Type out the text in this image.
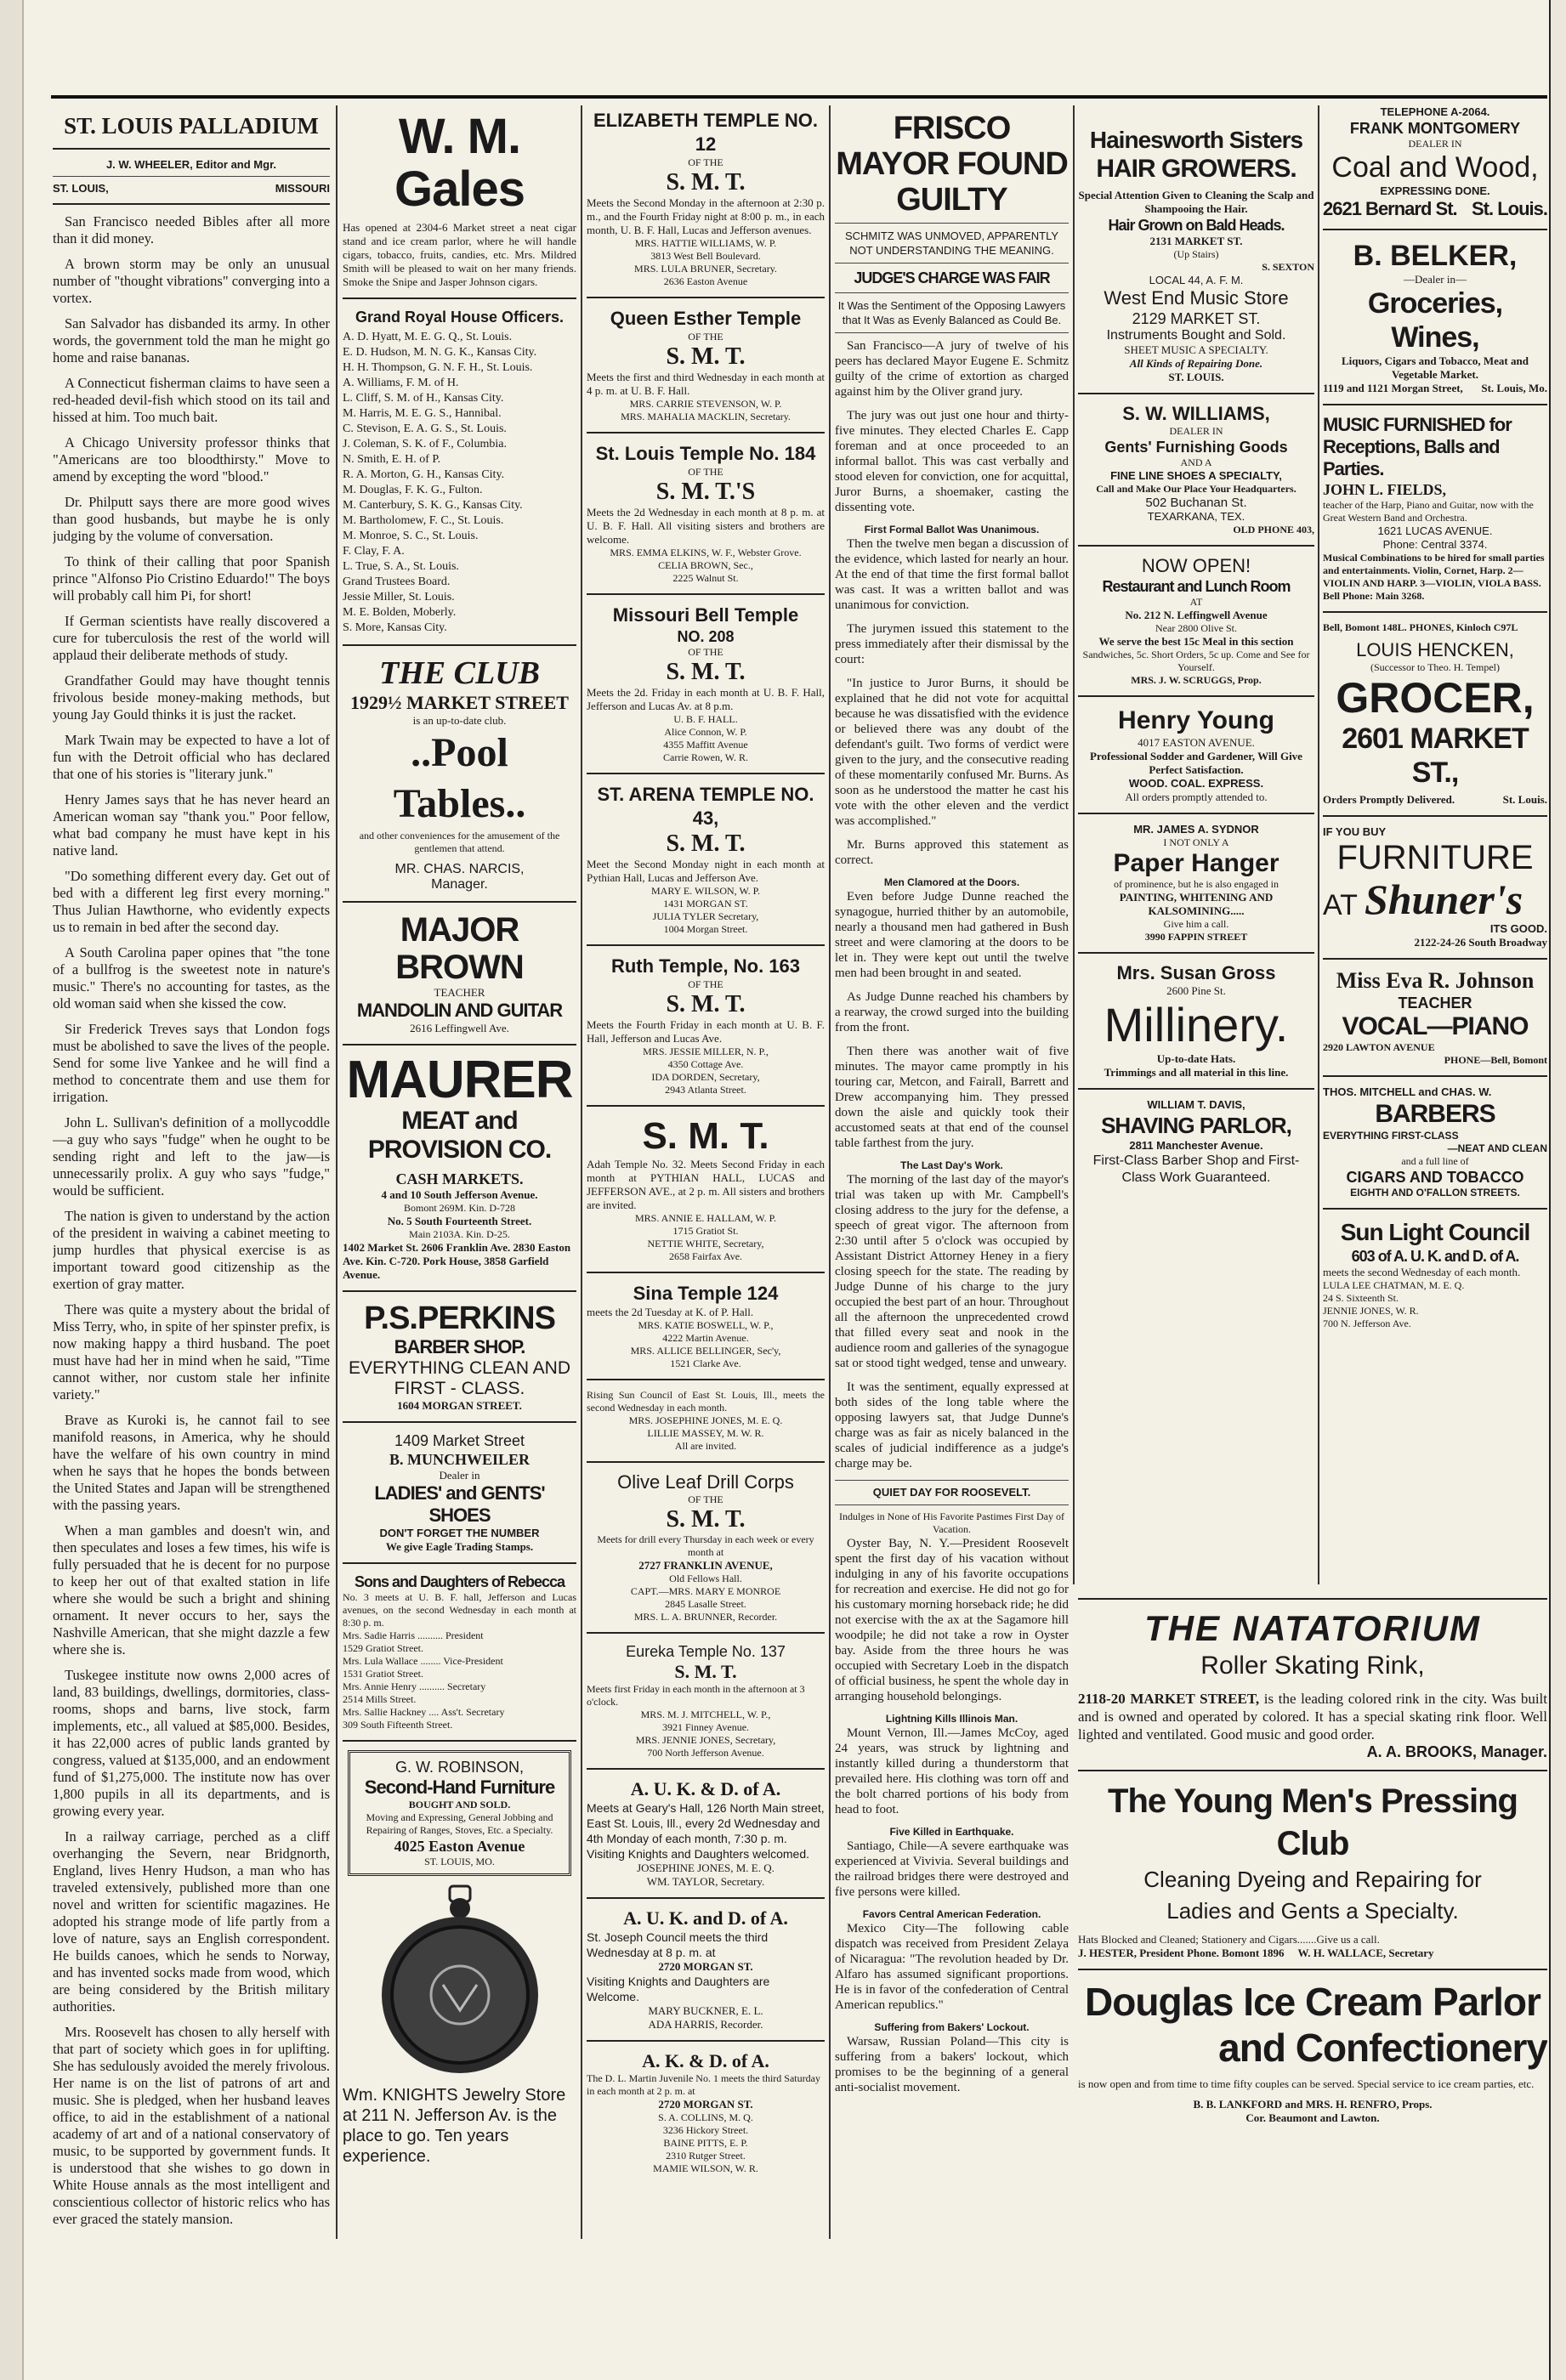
ST. LOUIS PALLADIUM
J. W. WHEELER, Editor and Mgr.
ST. LOUIS,	MISSOURI

San Francisco needed Bibles after all more than it did money.

A brown storm may be only an unusual number of "thought vibrations" converging into a vortex.

San Salvador has disbanded its army. In other words, the government told the man he might go home and raise bananas.

A Connecticut fisherman claims to have seen a red-headed devil-fish which stood on its tail and hissed at him. Too much bait.

A Chicago University professor thinks that "Americans are too bloodthirsty." Move to amend by excepting the word "blood."

Dr. Philputt says there are more good wives than good husbands, but maybe he is only judging by the volume of conversation.

To think of their calling that poor Spanish prince "Alfonso Pio Cristino Eduardo!" The boys will probably call him Pi, for short!

If German scientists have really discovered a cure for tuberculosis the rest of the world will applaud their deliberate methods of study.

Grandfather Gould may have thought tennis frivolous beside money-making methods, but young Jay Gould thinks it is just the racket.

Mark Twain may be expected to have a lot of fun with the Detroit official who has declared that one of his stories is "literary junk."

Henry James says that he has never heard an American woman say "thank you." Poor fellow, what bad company he must have kept in his native land.

"Do something different every day. Get out of bed with a different leg first every morning." Thus Julian Hawthorne, who evidently expects us to remain in bed after the second day.

A South Carolina paper opines that "the tone of a bullfrog is the sweetest note in nature's music." There's no accounting for tastes, as the old woman said when she kissed the cow.

Sir Frederick Treves says that London fogs must be abolished to save the lives of the people. Send for some live Yankee and he will find a method to concentrate them and use them for irrigation.

John L. Sullivan's definition of a mollycoddle—a guy who says "fudge" when he ought to be sending right and left to the jaw—is unnecessarily prolix. A guy who says "fudge," would be sufficient.

The nation is given to understand by the action of the president in waiving a cabinet meeting to jump hurdles that physical exercise is as important toward good citizenship as the exertion of gray matter.

There was quite a mystery about the bridal of Miss Terry, who, in spite of her spinster prefix, is now making happy a third husband. The poet must have had her in mind when he said, "Time cannot wither, nor custom stale her infinite variety."

Brave as Kuroki is, he cannot fail to see manifold reasons, in America, why he should have the welfare of his own country in mind when he says that he hopes the bonds between the United States and Japan will be strengthened with the passing years.

When a man gambles and doesn't win, and then speculates and loses a few times, his wife is fully persuaded that he is decent for no purpose to keep her out of that exalted station in life where she would be such a bright and shining ornament. It never occurs to her, says the Nashville American, that she might dazzle a few where she is.

Tuskegee institute now owns 2,000 acres of land, 83 buildings, dwellings, dormitories, class-rooms, shops and barns, live stock, farm implements, etc., all valued at $85,000. Besides, it has 22,000 acres of public lands granted by congress, valued at $135,000, and an endowment fund of $1,275,000. The institute now has over 1,800 pupils in all its departments, and is growing every year.

In a railway carriage, perched as a cliff overhanging the Severn, near Bridgnorth, England, lives Henry Hudson, a man who has traveled extensively, published more than one novel and written for scientific magazines. He adopted his strange mode of life partly from a love of nature, says an English correspondent. He builds canoes, which he sends to Norway, and has invented socks made from wood, which are being considered by the British military authorities.

Mrs. Roosevelt has chosen to ally herself with that part of society which goes in for uplifting. She has sedulously avoided the merely frivolous. Her name is on the list of patrons of art and music. She is pledged, when her husband leaves office, to aid in the establishment of a national academy of art and of a national conservatory of music, to be supported by government funds. It is understood that she wishes to go down in White House annals as the most intelligent and conscientious collector of historic relics who has ever graced the stately mansion.

W. M. Gales
Has opened at 2304-6 Market street a neat cigar stand and ice cream parlor, where he will handle cigars, tobacco, fruits, candies, etc. Mrs. Mildred Smith will be pleased to wait on her many friends. Smoke the Snipe and Jasper Johnson cigars.
Grand Royal House Officers.
A. D. Hyatt, M. E. G. Q., St. Louis.
E. D. Hudson, M. N. G. K., Kansas City.
H. H. Thompson, G. N. F. H., St. Louis.
A. Williams, F. M. of H.
L. Cliff, S. M. of H., Kansas City.
M. Harris, M. E. G. S., Hannibal.
C. Stevison, E. A. G. S., St. Louis.
J. Coleman, S. K. of F., Columbia.
N. Smith, E. H. of P.
R. A. Morton, G. H., Kansas City.
M. Douglas, F. K. G., Fulton.
M. Canterbury, S. K. G., Kansas City.
M. Bartholomew, F. C., St. Louis.
M. Monroe, S. C., St. Louis.
F. Clay, F. A.
L. True, S. A., St. Louis.
Grand Trustees Board.
Jessie Miller, St. Louis.
M. E. Bolden, Moberly.
S. More, Kansas City.
THE CLUB
1929½ MARKET STREET
is an up-to-date club.
..Pool Tables..
and other conveniences for the amusement of the gentlemen that attend.
MR. CHAS. NARCIS,
Manager.
MAJOR BROWN
TEACHER
MANDOLIN AND GUITAR
2616 Leffingwell Ave.
MAURER
MEAT and PROVISION CO.
CASH MARKETS.
4 and 10 South Jefferson Avenue.
Bomont 269M. Kin. D-728
No. 5 South Fourteenth Street.
Main 2103A. Kin. D-25.
1402 Market St. 2606 Franklin Ave. 2830 Easton Ave. Kin. C-720. Pork House, 3858 Garfield Avenue.
P.S.PERKINS
BARBER SHOP.
EVERYTHING CLEAN AND FIRST - CLASS.
1604 MORGAN STREET.
1409 Market Street
B. MUNCHWEILER
Dealer in
LADIES' and GENTS' SHOES
DON'T FORGET THE NUMBER
We give Eagle Trading Stamps.
Sons and Daughters of Rebecca
No. 3 meets at U. B. F. hall, Jefferson and Lucas avenues, on the second Wednesday in each month at 8:30 p. m.
Mrs. Sadie Harris .......... President
1529 Gratiot Street.
Mrs. Lula Wallace ........ Vice-President
1531 Gratiot Street.
Mrs. Annie Henry .......... Secretary
2514 Mills Street.
Mrs. Sallie Hackney .... Ass't. Secretary
309 South Fifteenth Street.
G. W. ROBINSON,
Second-Hand Furniture
BOUGHT AND SOLD.
Moving and Expressing, General Jobbing and Repairing of Ranges, Stoves, Etc. a Specialty.
4025 Easton Avenue
ST. LOUIS, MO.
Wm. KNIGHTS Jewelry Store at 211 N. Jefferson Av. is the place to go. Ten years experience.
ELIZABETH TEMPLE NO. 12
OF THE
S. M. T.
Meets the Second Monday in the afternoon at 2:30 p. m., and the Fourth Friday night at 8:00 p. m., in each month, U. B. F. Hall, Lucas and Jefferson avenues.
MRS. HATTIE WILLIAMS, W. P.
3813 West Bell Boulevard.
MRS. LULA BRUNER, Secretary.
2636 Easton Avenue
Queen Esther Temple
OF THE
S. M. T.
Meets the first and third Wednesday in each month at 4 p. m. at U. B. F. Hall.
MRS. CARRIE STEVENSON, W. P.
MRS. MAHALIA MACKLIN, Secretary.
St. Louis Temple No. 184
OF THE
S. M. T.'S
Meets the 2d Wednesday in each month at 8 p. m. at U. B. F. Hall. All visiting sisters and brothers are welcome.
MRS. EMMA ELKINS, W. F., Webster Grove.
CELIA BROWN, Sec.,
2225 Walnut St.
Missouri Bell Temple
NO. 208
OF THE
S. M. T.
Meets the 2d. Friday in each month at U. B. F. Hall, Jefferson and Lucas Av. at 8 p.m.
U. B. F. HALL.
Alice Connon, W. P.
4355 Maffitt Avenue
Carrie Rowen, W. R.
ST. ARENA TEMPLE NO. 43,
S. M. T.
Meet the Second Monday night in each month at Pythian Hall, Lucas and Jefferson Ave.
MARY E. WILSON, W. P.
1431 MORGAN ST.
JULIA TYLER Secretary,
1004 Morgan Street.
Ruth Temple, No. 163
OF THE
S. M. T.
Meets the Fourth Friday in each month at U. B. F. Hall, Jefferson and Lucas Ave.
MRS. JESSIE MILLER, N. P.,
4350 Cottage Ave.
IDA DORDEN, Secretary,
2943 Atlanta Street.
S. M. T.
Adah Temple No. 32. Meets Second Friday in each month at PYTHIAN HALL, LUCAS and JEFFERSON AVE., at 2 p. m. All sisters and brothers are invited.
MRS. ANNIE E. HALLAM, W. P.
1715 Gratiot St.
NETTIE WHITE, Secretary,
2658 Fairfax Ave.
Sina Temple 124
meets the 2d Tuesday at K. of P. Hall.
MRS. KATIE BOSWELL, W. P.,
4222 Martin Avenue.
MRS. ALLICE BELLINGER, Sec'y,
1521 Clarke Ave.
Rising Sun Council of East St. Louis, Ill., meets the second Wednesday in each month.
MRS. JOSEPHINE JONES, M. E. Q.
LILLIE MASSEY, M. W. R.
All are invited.
Olive Leaf Drill Corps
OF THE
S. M. T.
Meets for drill every Thursday in each week or every month at
2727 FRANKLIN AVENUE,
Old Fellows Hall.
CAPT.—MRS. MARY E MONROE
2845 Lasalle Street.
MRS. L. A. BRUNNER, Recorder.
Eureka Temple No. 137
S. M. T.
Meets first Friday in each month in the afternoon at 3 o'clock.
MRS. M. J. MITCHELL, W. P.,
3921 Finney Avenue.
MRS. JENNIE JONES, Secretary,
700 North Jefferson Avenue.
A. U. K. & D. of A.
Meets at Geary's Hall, 126 North Main street, East St. Louis, Ill., every 2d Wednesday and 4th Monday of each month, 7:30 p. m. Visiting Knights and Daughters welcomed.
JOSEPHINE JONES, M. E. Q.
WM. TAYLOR, Secretary.
A. U. K. and D. of A.
St. Joseph Council meets the third Wednesday at 8 p. m. at
2720 MORGAN ST.
Visiting Knights and Daughters are Welcome.
MARY BUCKNER, E. L.
ADA HARRIS, Recorder.
A. K. & D. of A.
The D. L. Martin Juvenile No. 1 meets the third Saturday in each month at 2 p. m. at
2720 MORGAN ST.
S. A. COLLINS, M. Q.
3236 Hickory Street.
BAINE PITTS, E. P.
2310 Rutger Street.
MAMIE WILSON, W. R.
FRISCO MAYOR FOUND GUILTY
SCHMITZ WAS UNMOVED, APPARENTLY NOT UNDERSTANDING THE MEANING.
JUDGE'S CHARGE WAS FAIR
It Was the Sentiment of the Opposing Lawyers that It Was as Evenly Balanced as Could Be.

San Francisco—A jury of twelve of his peers has declared Mayor Eugene E. Schmitz guilty of the crime of extortion as charged against him by the Oliver grand jury.

The jury was out just one hour and thirty-five minutes. They elected Charles E. Capp foreman and at once proceeded to an informal ballot. This was cast verbally and stood eleven for conviction, one for acquittal, Juror Burns, a shoemaker, casting the dissenting vote.

First Formal Ballot Was Unanimous.

Then the twelve men began a discussion of the evidence, which lasted for nearly an hour. At the end of that time the first formal ballot was cast. It was a written ballot and was unanimous for conviction.

The jurymen issued this statement to the press immediately after their dismissal by the court:

"In justice to Juror Burns, it should be explained that he did not vote for acquittal because he was dissatisfied with the evidence or believed there was any doubt of the defendant's guilt. Two forms of verdict were given to the jury, and the consecutive reading of these momentarily confused Mr. Burns. As soon as he understood the matter he cast his vote with the other eleven and the verdict was accomplished."

Mr. Burns approved this statement as correct.

Men Clamored at the Doors.

Even before Judge Dunne reached the synagogue, hurried thither by an automobile, nearly a thousand men had gathered in Bush street and were clamoring at the doors to be let in. They were kept out until the twelve men had been brought in and seated.

As Judge Dunne reached his chambers by a rearway, the crowd surged into the building from the front.

Then there was another wait of five minutes. The mayor came promptly in his touring car, Metcon, and Fairall, Barrett and Drew accompanying him. They pressed down the aisle and quickly took their accustomed seats at that end of the counsel table farthest from the jury.

The Last Day's Work.

The morning of the last day of the mayor's trial was taken up with Mr. Campbell's closing address to the jury for the defense, a speech of great vigor. The afternoon from 2:30 until after 5 o'clock was occupied by Assistant District Attorney Heney in a fiery closing speech for the state. The reading by Judge Dunne of his charge to the jury occupied the best part of an hour. Throughout all the afternoon the unprecedented crowd that filled every seat and nook in the audience room and galleries of the synagogue sat or stood tight wedged, tense and unweary.

It was the sentiment, equally expressed at both sides of the long table where the opposing lawyers sat, that Judge Dunne's charge was as fair as nicely balanced in the scales of judicial indifference as a judge's charge may be.

QUIET DAY FOR ROOSEVELT.
Indulges in None of His Favorite Pastimes First Day of Vacation.

Oyster Bay, N. Y.—President Roosevelt spent the first day of his vacation without indulging in any of his favorite occupations for recreation and exercise. He did not go for his customary morning horseback ride; he did not exercise with the ax at the Sagamore hill woodpile; he did not take a row in Oyster bay. Aside from the three hours he was occupied with Secretary Loeb in the dispatch of official business, he spent the whole day in arranging household belongings.

Lightning Kills Illinois Man.

Mount Vernon, Ill.—James McCoy, aged 24 years, was struck by lightning and instantly killed during a thunderstorm that prevailed here. His clothing was torn off and the bolt charred portions of his body from head to foot.

Five Killed in Earthquake.

Santiago, Chile—A severe earthquake was experienced at Vivivia. Several buildings and the railroad bridges there were destroyed and five persons were killed.

Favors Central American Federation.

Mexico City—The following cable dispatch was received from President Zelaya of Nicaragua: "The revolution headed by Dr. Alfaro has assumed significant proportions. He is in favor of the confederation of Central American republics."

Suffering from Bakers' Lockout.

Warsaw, Russian Poland—This city is suffering from a bakers' lockout, which promises to be the beginning of a general anti-socialist movement.

Hainesworth Sisters
HAIR GROWERS.
Special Attention Given to Cleaning the Scalp and Shampooing the Hair.
Hair Grown on Bald Heads.
2131 MARKET ST.
(Up Stairs)
S. SEXTON
LOCAL 44, A. F. M.
West End Music Store
2129 MARKET ST.
Instruments Bought and Sold.
SHEET MUSIC A SPECIALTY.
All Kinds of Repairing Done.
ST. LOUIS.
S. W. WILLIAMS,
DEALER IN
Gents' Furnishing Goods
AND A
FINE LINE SHOES A SPECIALTY,
Call and Make Our Place Your Headquarters.
502 Buchanan St.
TEXARKANA, TEX.
OLD PHONE 403,
NOW OPEN!
Restaurant and Lunch Room
AT
No. 212 N. Leffingwell Avenue
Near 2800 Olive St.
We serve the best 15c Meal in this section
Sandwiches, 5c. Short Orders, 5c up. Come and See for Yourself.
MRS. J. W. SCRUGGS, Prop.
Henry Young
4017 EASTON AVENUE.
Professional Sodder and Gardener, Will Give Perfect Satisfaction.
WOOD. COAL. EXPRESS.
All orders promptly attended to.
MR. JAMES A. SYDNOR
I NOT ONLY A
Paper Hanger
of prominence, but he is also engaged in
PAINTING, WHITENING AND KALSOMINING.....
Give him a call.
3990 FAPPIN STREET
Mrs. Susan Gross
2600 Pine St.
Millinery.
Up-to-date Hats.
Trimmings and all material in this line.
WILLIAM T. DAVIS,
SHAVING PARLOR,
2811 Manchester Avenue.
First-Class Barber Shop and First-Class Work Guaranteed.
TELEPHONE A-2064.
FRANK MONTGOMERY
DEALER IN
Coal and Wood,
EXPRESSING DONE.
2621 Bernard St. St. Louis.
B. BELKER,
—Dealer in—
Groceries, Wines,
Liquors, Cigars and Tobacco, Meat and Vegetable Market.
1119 and 1121 Morgan Street, St. Louis, Mo.
MUSIC FURNISHED for Receptions, Balls and Parties.
JOHN L. FIELDS,
teacher of the Harp, Piano and Guitar, now with the Great Western Band and Orchestra.
1621 LUCAS AVENUE.
Phone: Central 3374.
Musical Combinations to be hired for small parties and entertainments. Violin, Cornet, Harp. 2—VIOLIN AND HARP. 3—VIOLIN, VIOLA BASS.
Bell Phone: Main 3268.
Bell, Bomont 148L. PHONES, Kinloch C97L
LOUIS HENCKEN,
(Successor to Theo. H. Tempel)
GROCER,
2601 MARKET ST.,
Orders Promptly Delivered.	St. Louis.
IF YOU BUY
FURNITURE
AT Shuner's
ITS GOOD.
2122-24-26 South Broadway
Miss Eva R. Johnson
TEACHER
VOCAL—PIANO
2920 LAWTON AVENUE
PHONE—Bell, Bomont
THOS. MITCHELL and CHAS. W.
BARBERS
EVERYTHING FIRST-CLASS
—NEAT AND CLEAN
and a full line of
CIGARS AND TOBACCO
EIGHTH AND O'FALLON STREETS.
Sun Light Council
603 of A. U. K. and D. of A.
meets the second Wednesday of each month.
LULA LEE CHATMAN, M. E. Q.
24 S. Sixteenth St.
JENNIE JONES, W. R.
700 N. Jefferson Ave.
THE NATATORIUM
Roller Skating Rink,
2118-20 MARKET STREET, is the leading colored rink in the city. Was built and is owned and operated by colored. It has a special skating rink floor. Well lighted and ventilated. Good music and good order.
A. A. BROOKS, Manager.
The Young Men's Pressing Club
Cleaning Dyeing and Repairing for
Ladies and Gents a Specialty.
Hats Blocked and Cleaned; Stationery and Cigars.......Give us a call.
J. HESTER, President Phone. Bomont 1896     W. H. WALLACE, Secretary
Douglas Ice Cream Parlor
and Confectionery
is now open and from time to time fifty couples can be served. Special service to ice cream parties, etc.
B. B. LANKFORD and MRS. H. RENFRO, Props.
Cor. Beaumont and Lawton.
